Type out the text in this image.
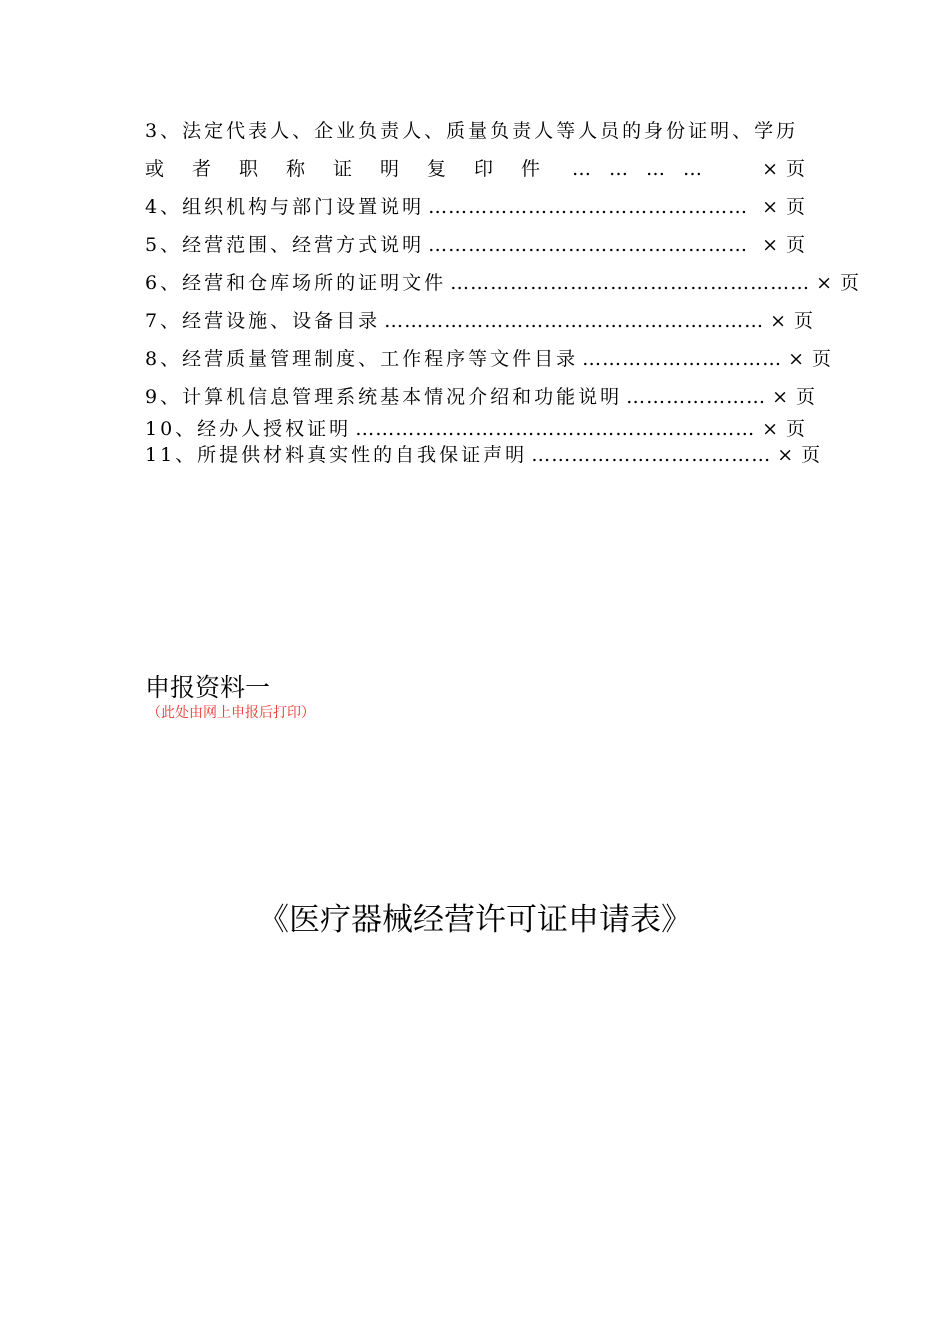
3、法定代表人、企业负责人、质量负责人等人员的身份证明、学历
或者职称证明复印件 …………	×页
4、组织机构与部门设置说明 ………………………………………… ×页
5、经营范围、经营方式说明 ………………………………………… ×页
6、经营和仓库场所的证明文件 ……………………………………………… ×页
7、经营设施、设备目录 ………………………………………………… ×页
8、经营质量管理制度、工作程序等文件目录 ………………………… ×页
9、计算机信息管理系统基本情况介绍和功能说明 ………………… ×页
10、经办人授权证明 …………………………………………………… ×页
11、所提供材料真实性的自我保证声明 ……………………………… ×页
申报资料一
（此处由网上申报后打印）
《医疗器械经营许可证申请表》
